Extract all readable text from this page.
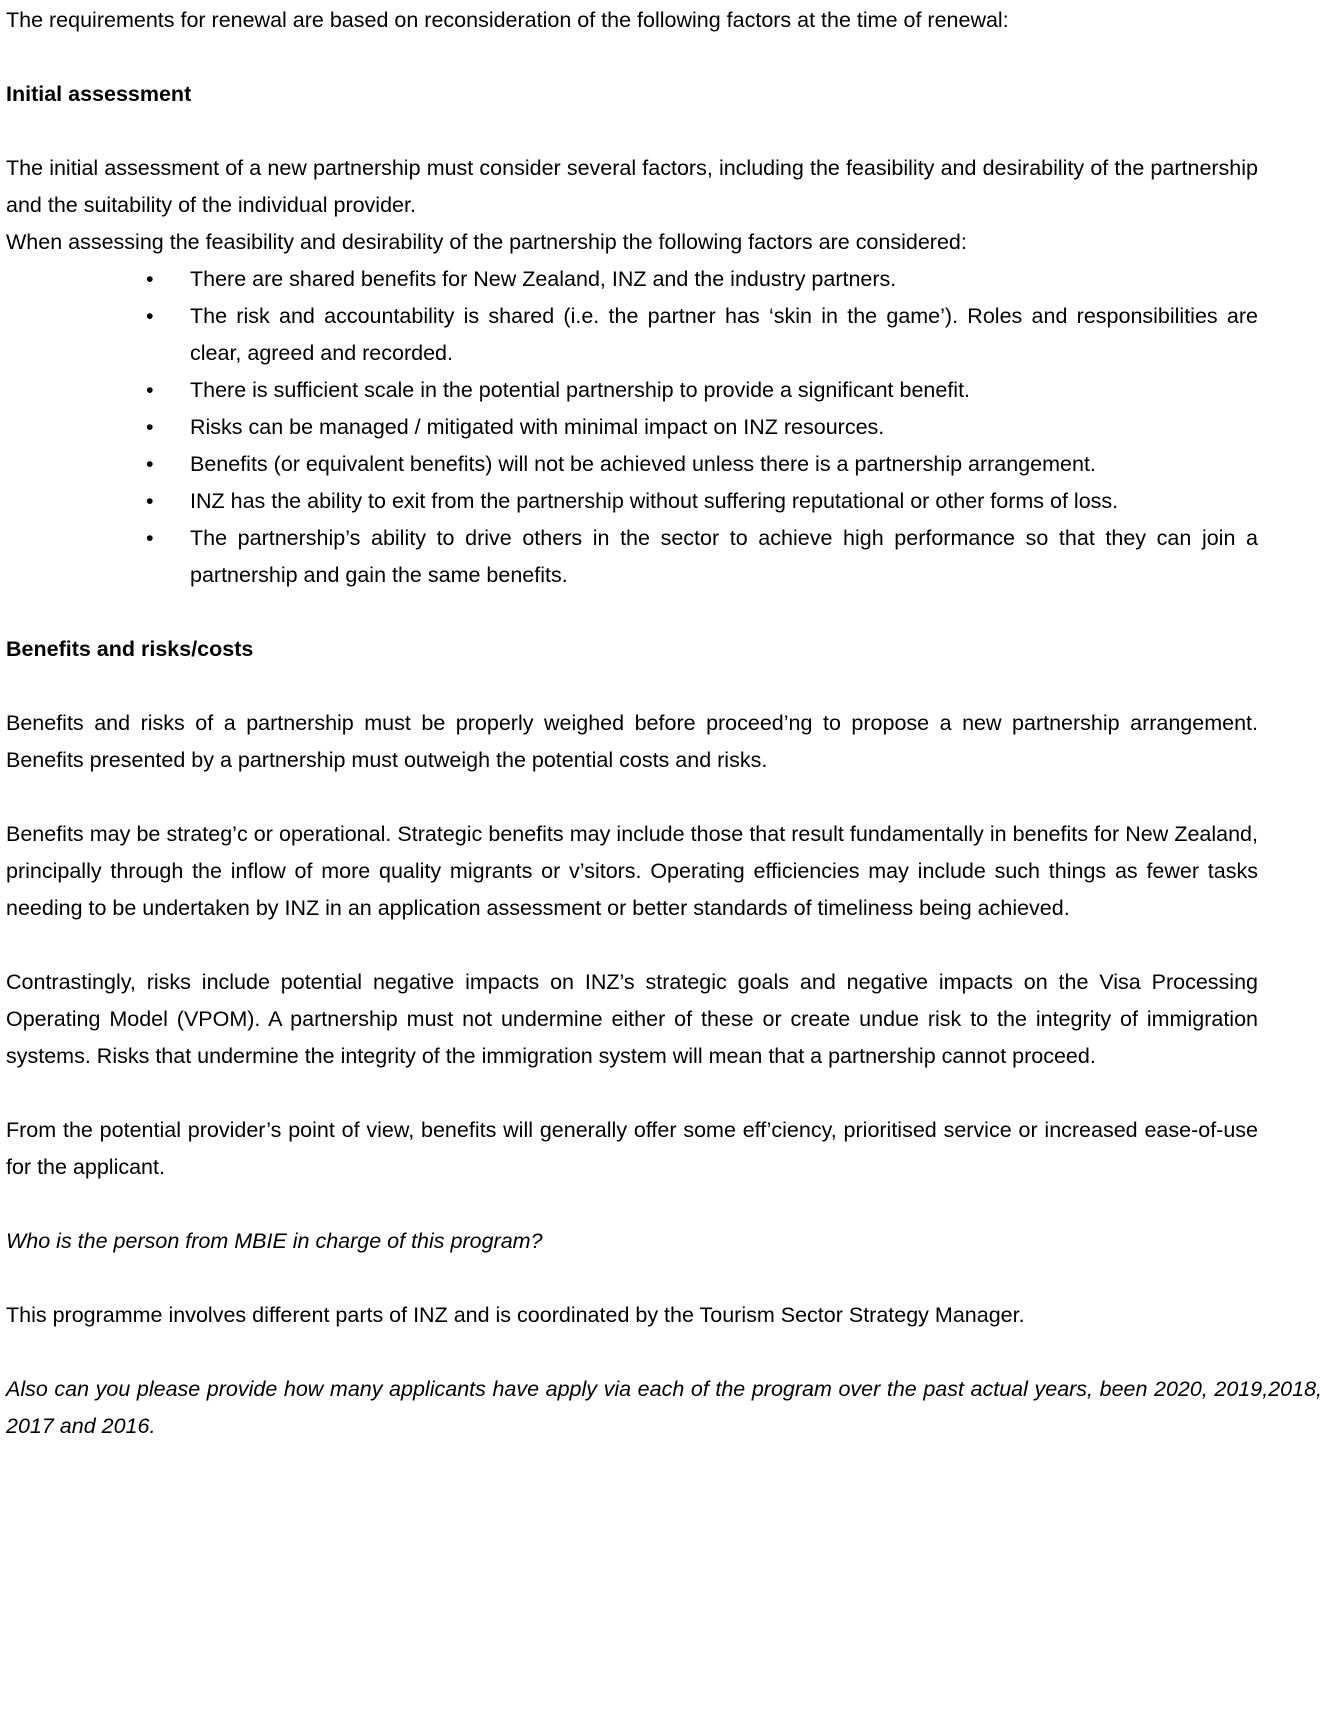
The requirements for renewal are based on reconsideration of the following factors at the time of renewal:

Initial assessment

The initial assessment of a new partnership must consider several factors, including the feasibility and desirability of the partnership and the suitability of the individual provider.

When assessing the feasibility and desirability of the partnership the following factors are considered:

• There are shared benefits for New Zealand, INZ and the industry partners.
• The risk and accountability is shared (i.e. the partner has ‘skin in the game’). Roles and responsibilities are clear, agreed and recorded.
• There is sufficient scale in the potential partnership to provide a significant benefit.
• Risks can be managed / mitigated with minimal impact on INZ resources.
• Benefits (or equivalent benefits) will not be achieved unless there is a partnership arrangement.
• INZ has the ability to exit from the partnership without suffering reputational or other forms of loss.
• The partnership’s ability to drive others in the sector to achieve high performance so that they can join a partnership and gain the same benefits.
Benefits and risks/costs

Benefits and risks of a partnership must be properly weighed before proceed’ng to propose a new partnership arrangement. Benefits presented by a partnership must outweigh the potential costs and risks.

Benefits may be strateg’c or operational. Strategic benefits may include those that result fundamentally in benefits for New Zealand, principally through the inflow of more quality migrants or v’sitors. Operating efficiencies may include such things as fewer tasks needing to be undertaken by INZ in an application assessment or better standards of timeliness being achieved.

Contrastingly, risks include potential negative impacts on INZ’s strategic goals and negative impacts on the Visa Processing Operating Model (VPOM). A partnership must not undermine either of these or create undue risk to the integrity of immigration systems. Risks that undermine the integrity of the immigration system will mean that a partnership cannot proceed.

From the potential provider’s point of view, benefits will generally offer some eff’ciency, prioritised service or increased ease-of-use for the applicant.

Who is the person from MBIE in charge of this program?

This programme involves different parts of INZ and is coordinated by the Tourism Sector Strategy Manager.

Also can you please provide how many applicants have apply via each of the program over the past actual years, been 2020, 2019,2018, 2017 and 2016.
